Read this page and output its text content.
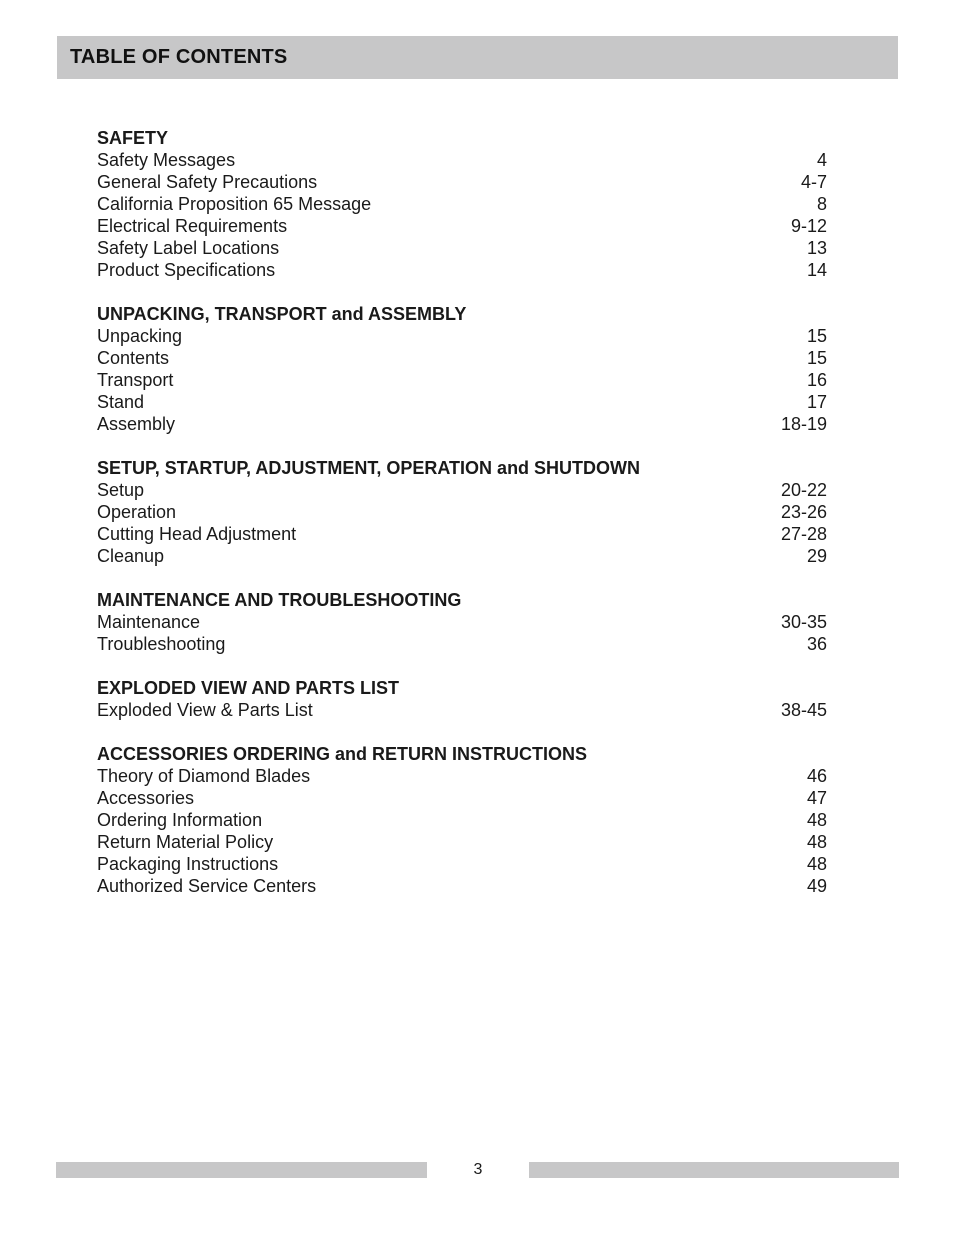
TABLE OF CONTENTS
SAFETY
Safety Messages	4
General Safety Precautions	4-7
California Proposition 65 Message	8
Electrical Requirements	9-12
Safety Label Locations	13
Product Specifications	14
UNPACKING, TRANSPORT and ASSEMBLY
Unpacking	15
Contents	15
Transport	16
Stand	17
Assembly	18-19
SETUP, STARTUP, ADJUSTMENT, OPERATION and SHUTDOWN
Setup	20-22
Operation	23-26
Cutting Head Adjustment	27-28
Cleanup	29
MAINTENANCE AND TROUBLESHOOTING
Maintenance	30-35
Troubleshooting	36
EXPLODED VIEW AND PARTS LIST
Exploded View & Parts List	38-45
ACCESSORIES ORDERING and RETURN INSTRUCTIONS
Theory of Diamond Blades	46
Accessories	47
Ordering Information	48
Return Material Policy	48
Packaging Instructions	48
Authorized Service Centers	49
3
